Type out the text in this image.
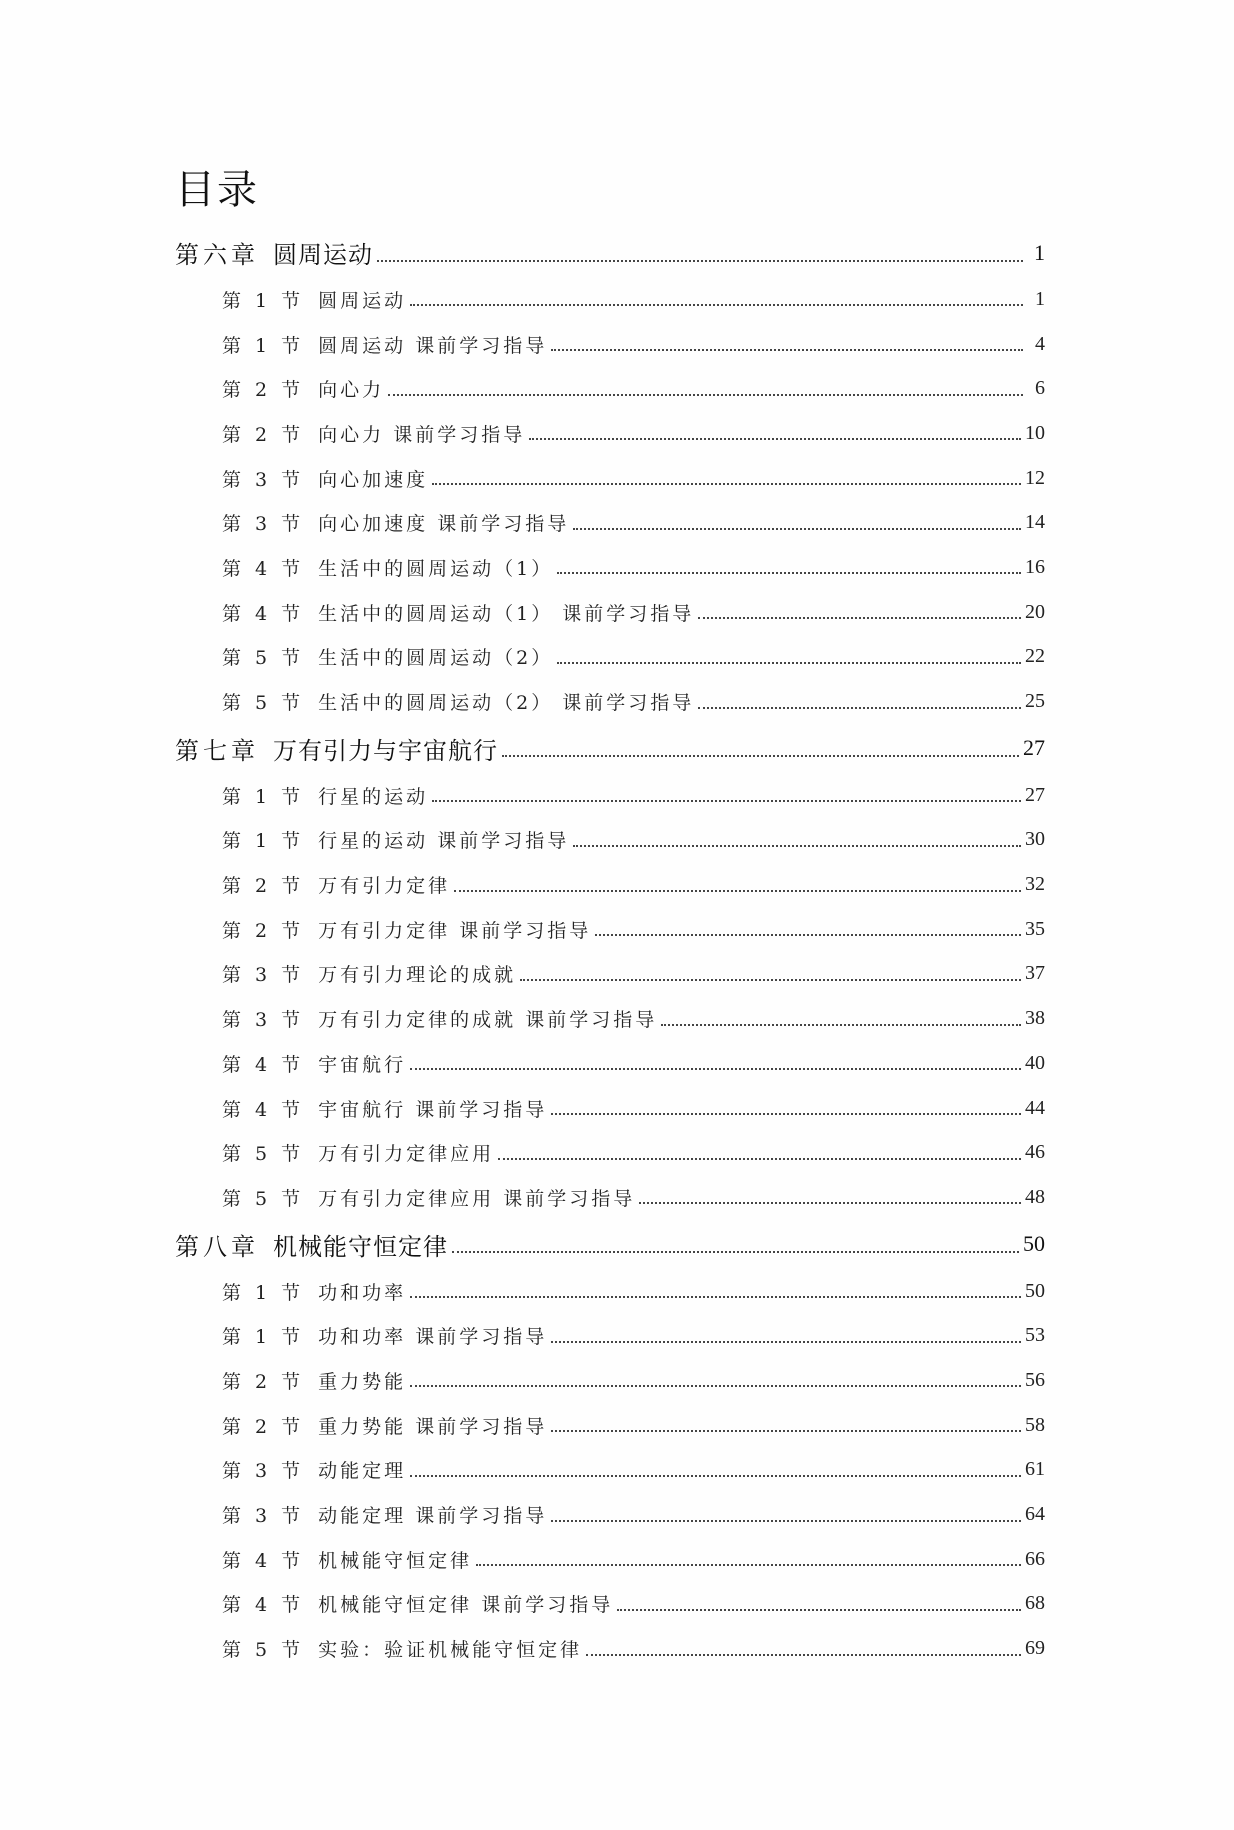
目录
第六章 圆周运动	1
第 1 节 圆周运动	1
第 1 节 圆周运动 课前学习指导	4
第 2 节 向心力	6
第 2 节 向心力 课前学习指导	10
第 3 节 向心加速度	12
第 3 节 向心加速度 课前学习指导	14
第 4 节 生活中的圆周运动（1）	16
第 4 节 生活中的圆周运动（1） 课前学习指导	20
第 5 节 生活中的圆周运动（2）	22
第 5 节 生活中的圆周运动（2） 课前学习指导	25
第七章 万有引力与宇宙航行	27
第 1 节 行星的运动	27
第 1 节 行星的运动 课前学习指导	30
第 2 节 万有引力定律	32
第 2 节 万有引力定律 课前学习指导	35
第 3 节 万有引力理论的成就	37
第 3 节 万有引力定律的成就 课前学习指导	38
第 4 节 宇宙航行	40
第 4 节 宇宙航行 课前学习指导	44
第 5 节 万有引力定律应用	46
第 5 节 万有引力定律应用 课前学习指导	48
第八章 机械能守恒定律	50
第 1 节 功和功率	50
第 1 节 功和功率 课前学习指导	53
第 2 节 重力势能	56
第 2 节 重力势能 课前学习指导	58
第 3 节 动能定理	61
第 3 节 动能定理 课前学习指导	64
第 4 节 机械能守恒定律	66
第 4 节 机械能守恒定律 课前学习指导	68
第 5 节 实验：验证机械能守恒定律	69
